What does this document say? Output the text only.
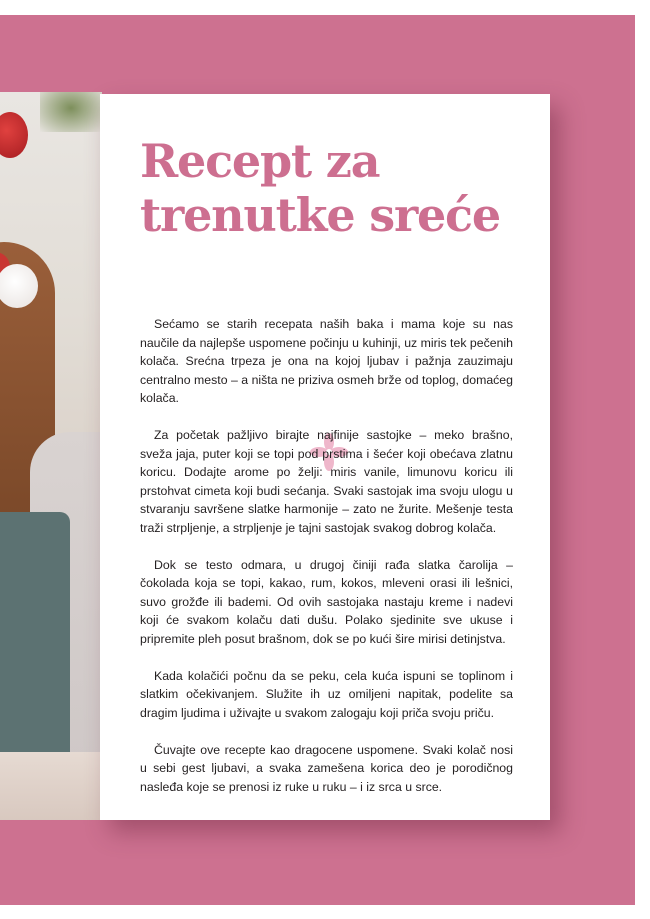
Recept za trenutke sreće

Sećamo se starih recepata naših baka i mama koje su nas naučile da najlepše uspomene počinju u kuhinji, uz miris tek pečenih kolača. Srećna trpeza je ona na kojoj ljubav i pažnja zauzimaju centralno mesto – a ništa ne priziva osmeh brže od toplog, domaćeg kolača.

Za početak pažljivo birajte najfinije sastojke – meko brašno, sveža jaja, puter koji se topi pod prstima i šećer koji obećava zlatnu koricu. Dodajte arome po želji: miris vanile, limunovu koricu ili prstohvat cimeta koji budi sećanja. Svaki sastojak ima svoju ulogu u stvaranju savršene slatke harmonije – zato ne žurite. Mešenje testa traži strpljenje, a strpljenje je tajni sastojak svakog dobrog kolača.

Dok se testo odmara, u drugoj činiji rađa slatka čarolija – čokolada koja se topi, kakao, rum, kokos, mleveni orasi ili lešnici, suvo grožđe ili bademi. Od ovih sastojaka nastaju kreme i nadevi koji će svakom kolaču dati dušu. Polako sjedinite sve ukuse i pripremite pleh posut brašnom, dok se po kući šire mirisi detinjstva.

Kada kolačići počnu da se peku, cela kuća ispuni se toplinom i slatkim očekivanjem. Služite ih uz omiljeni napitak, podelite sa dragim ljudima i uživajte u svakom zalogaju koji priča svoju priču.

Čuvajte ove recepte kao dragocene uspomene. Svaki kolač nosi u sebi gest ljubavi, a svaka zamešena korica deo je porodičnog nasleđa koje se prenosi iz ruke u ruku – i iz srca u srce.
